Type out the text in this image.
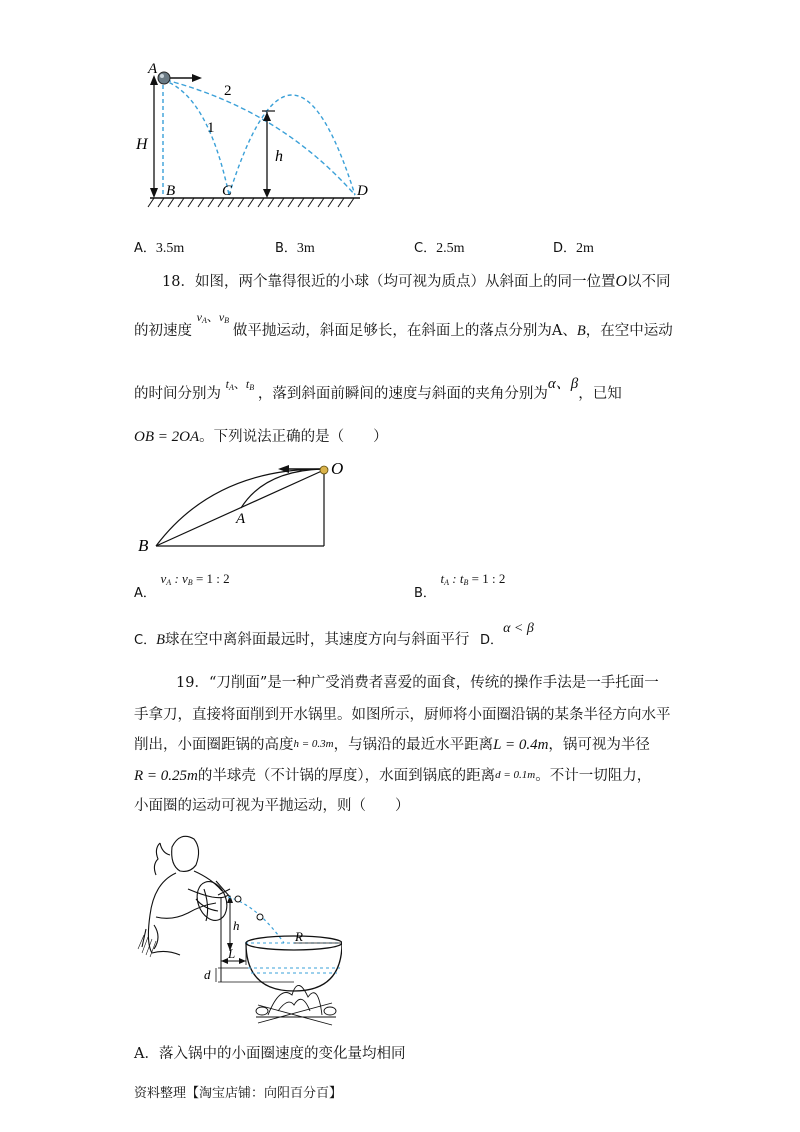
A
B	C	D
H
h
1
2
A．3.5m	B．3m	C．2.5m	D．2m
18．如图，两个靠得很近的小球（均可视为质点）从斜面上的同一位置O以不同
的初速度 $^{v_A、v_B}$ 做平抛运动，斜面足够长，在斜面上的落点分别为A、B，在空中运动
的时间分别为 $^{t_A、t_B}$ ，落到斜面前瞬间的速度与斜面的夹角分别为α、β，已知
OB = 2OA。下列说法正确的是（　　）
O
A
B
A． $v_A$ : $v_B = 1$ : 2
B． $t_A$ : $t_B = 1$ : 2
C．B球在空中离斜面最远时，其速度方向与斜面平行 D．α < β
19．“刀削面”是一种广受消费者喜爱的面食，传统的操作手法是一手托面一
手拿刀，直接将面削到开水锅里。如图所示，厨师将小面圈沿锅的某条半径方向水平
削出，小面圈距锅的高度h = 0.3m，与锅沿的最近水平距离L = 0.4m，锅可视为半径
R = 0.25m的半球壳（不计锅的厚度），水面到锅底的距离d = 0.1m。不计一切阻力，
小面圈的运动可视为平抛运动，则（　　）
h
L
R
d
A．落入锅中的小面圈速度的变化量均相同
资料整理【淘宝店铺：向阳百分百】
